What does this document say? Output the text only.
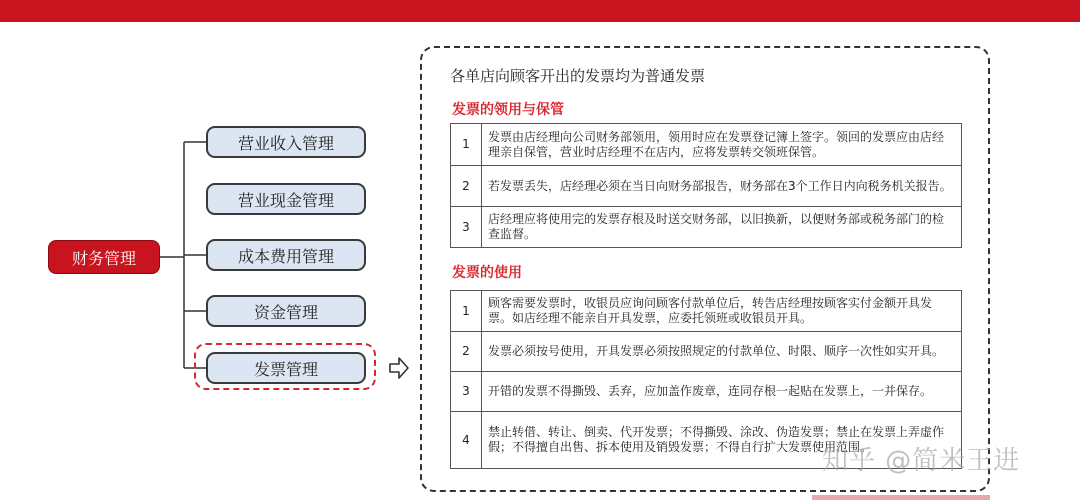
财务管理
营业收入管理
营业现金管理
成本费用管理
资金管理
发票管理
各单店向顾客开出的发票均为普通发票
发票的领用与保管
1	发票由店经理向公司财务部领用，领用时应在发票登记簿上签字。领回的发票应由店经理亲自保管，营业时店经理不在店内，应将发票转交领班保管。
2	若发票丢失，店经理必须在当日向财务部报告，财务部在3个工作日内向税务机关报告。
3	店经理应将使用完的发票存根及时送交财务部，以旧换新，以便财务部或税务部门的检查监督。
发票的使用
1	顾客需要发票时，收银员应询问顾客付款单位后，转告店经理按顾客实付金额开具发票。如店经理不能亲自开具发票，应委托领班或收银员开具。
2	发票必须按号使用，开具发票必须按照规定的付款单位、时限、顺序一次性如实开具。
3	开错的发票不得撕毁、丢弃，应加盖作废章，连同存根一起贴在发票上，一并保存。
4	禁止转借、转让、倒卖、代开发票；不得撕毁、涂改、伪造发票；禁止在发票上弄虚作假；不得擅自出售、拆本使用及销毁发票；不得自行扩大发票使用范围。
知乎 @简米王进
